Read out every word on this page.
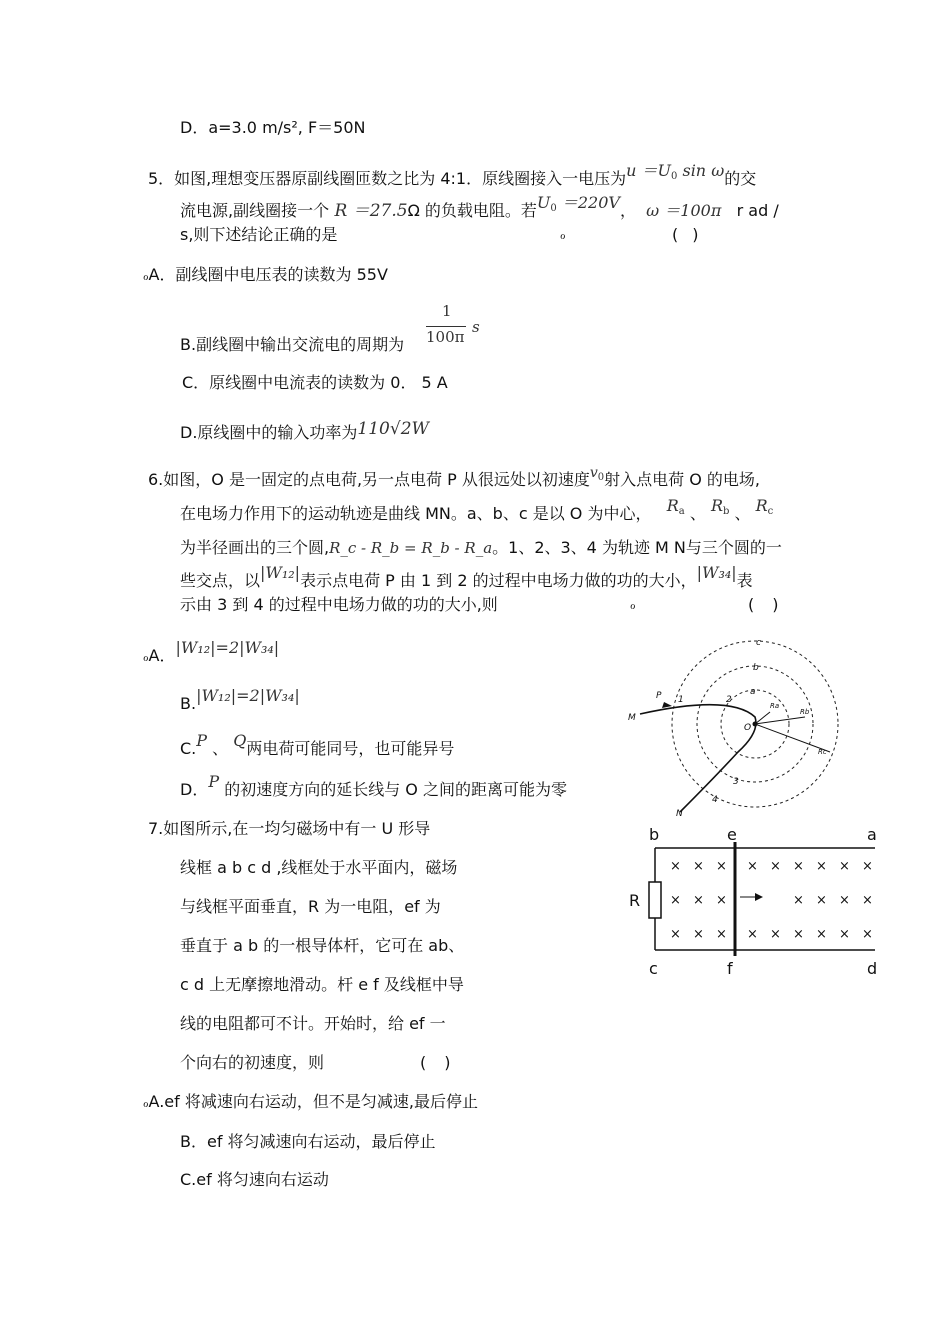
D．a=3.0 m/s², F＝50N
5．如图,理想变压器原副线圈匝数之比为 4:1．原线圈接入一电压为$u =U_0$ sin ω的交
流电源,副线圈接一个 R ＝27.5Ω 的负载电阻。若$U_0 =220V$， ω ＝100π r ad /
s,则下述结论正确的是	ℴ	()
ℴA．副线圈中电压表的读数为 55V
B.副线圈中输出交流电的周期为
1
100π
s
C．原线圈中电流表的读数为 0． 5 A
D.原线圈中的输入功率为110√2W
6.如图，O 是一固定的点电荷,另一点电荷 P 从很远处以初速度$v_0$射入点电荷 O 的电场,
在电场力作用下的运动轨迹是曲线 MN。a、b、c 是以 O 为中心， $R_a$ 、 $R_b$ 、 $R_c$
为半径画出的三个圆,R_c - R_b = R_b - R_a。1、2、3、4 为轨迹 M N与三个圆的一
些交点，以|W₁₂|表示点电荷 P 由 1 到 2 的过程中电场力做的功的大小，|W₃₄|表
示由 3 到 4 的过程中电场力做的功的大小,则	ℴ	()
ℴA．|W₁₂|=2|W₃₄|
B.|W₁₂|=2|W₃₄|
C.P 、 Q两电荷可能同号，也可能异号
D．P 的初速度方向的延长线与 O 之间的距离可能为零
c
b
a
P
M
N
O
1	2
3
4
Ra
Rb
Rc
7.如图所示,在一均匀磁场中有一 U 形导
线框 a b c d ,线框处于水平面内，磁场
与线框平面垂直，R 为一电阻，ef 为
垂直于 a b 的一根导体杆，它可在 ab、
c d 上无摩擦地滑动。杆 e f 及线框中导
线的电阻都可不计。开始时，给 ef 一
个向右的初速度，则	()
ℴA.ef 将减速向右运动，但不是匀减速,最后停止
B．ef 将匀减速向右运动，最后停止
C.ef 将匀速向右运动
× × × × × × × × ×
× × ×	× × × ×
× × × × × × × × ×
b	e	a
c	f	d
R
